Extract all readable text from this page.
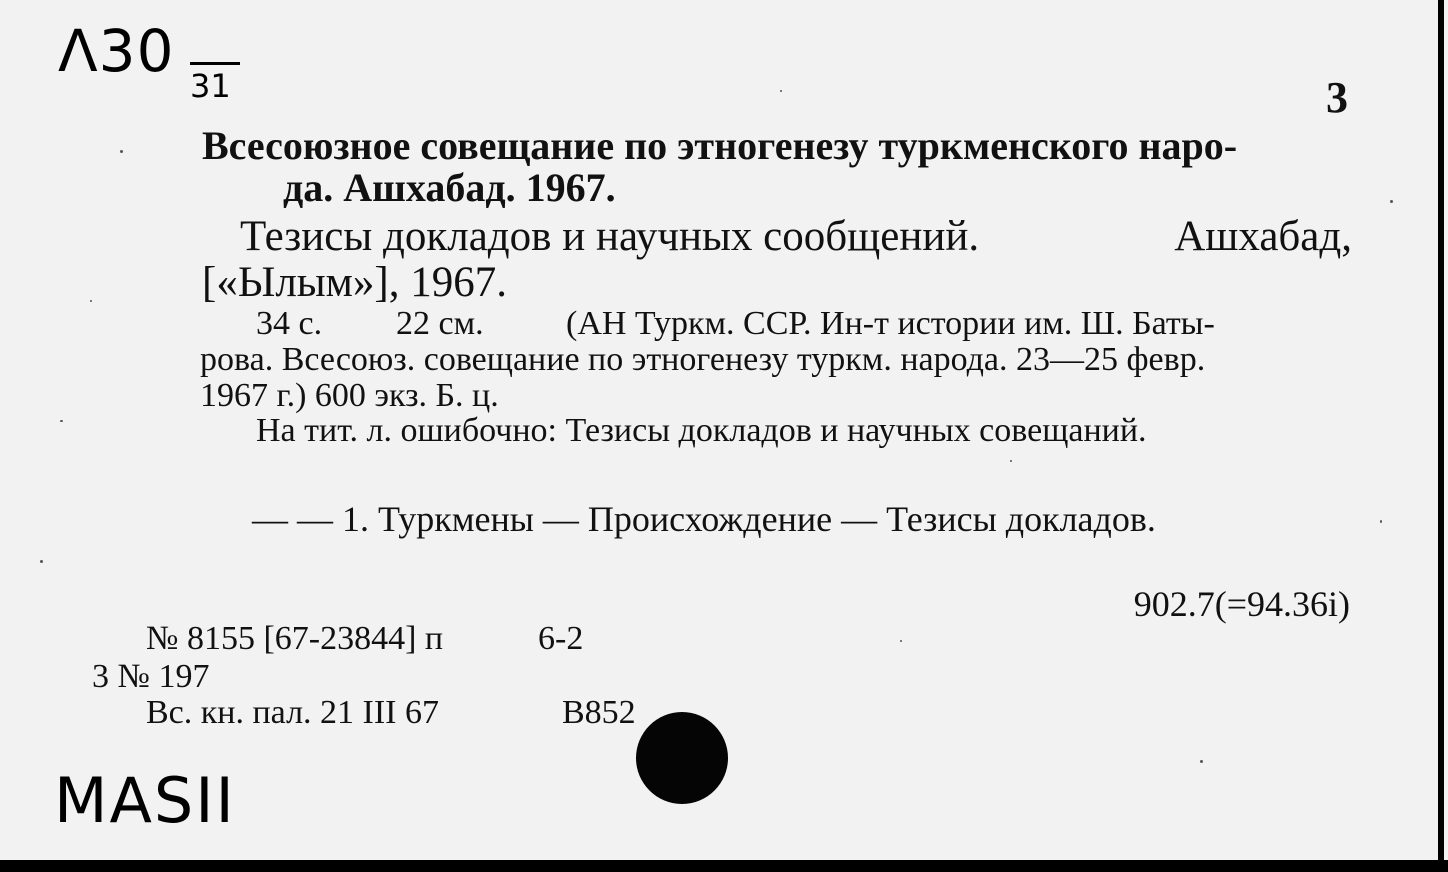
Λ30
31	3
Всесоюзное совещание по этногенезу туркменского наро-
да. Ашхабад. 1967.
Тезисы докладов и научных сообщений.	Ашхабад,
[«Ылым»], 1967.
34 с. 22 см. (АН Туркм. ССР. Ин-т истории им. Ш. Баты-
рова. Всесоюз. совещание по этногенезу туркм. народа. 23—25 февр.
1967 г.) 600 экз. Б. ц.
На тит. л. ошибочно: Тезисы докладов и научных совещаний.
— — 1. Туркмены — Происхождение — Тезисы докладов.
902.7(=94.36i)
№ 8155 [67-23844] п	6-2
3 № 197
Вс. кн. пал. 21 III 67	B852
MASII
